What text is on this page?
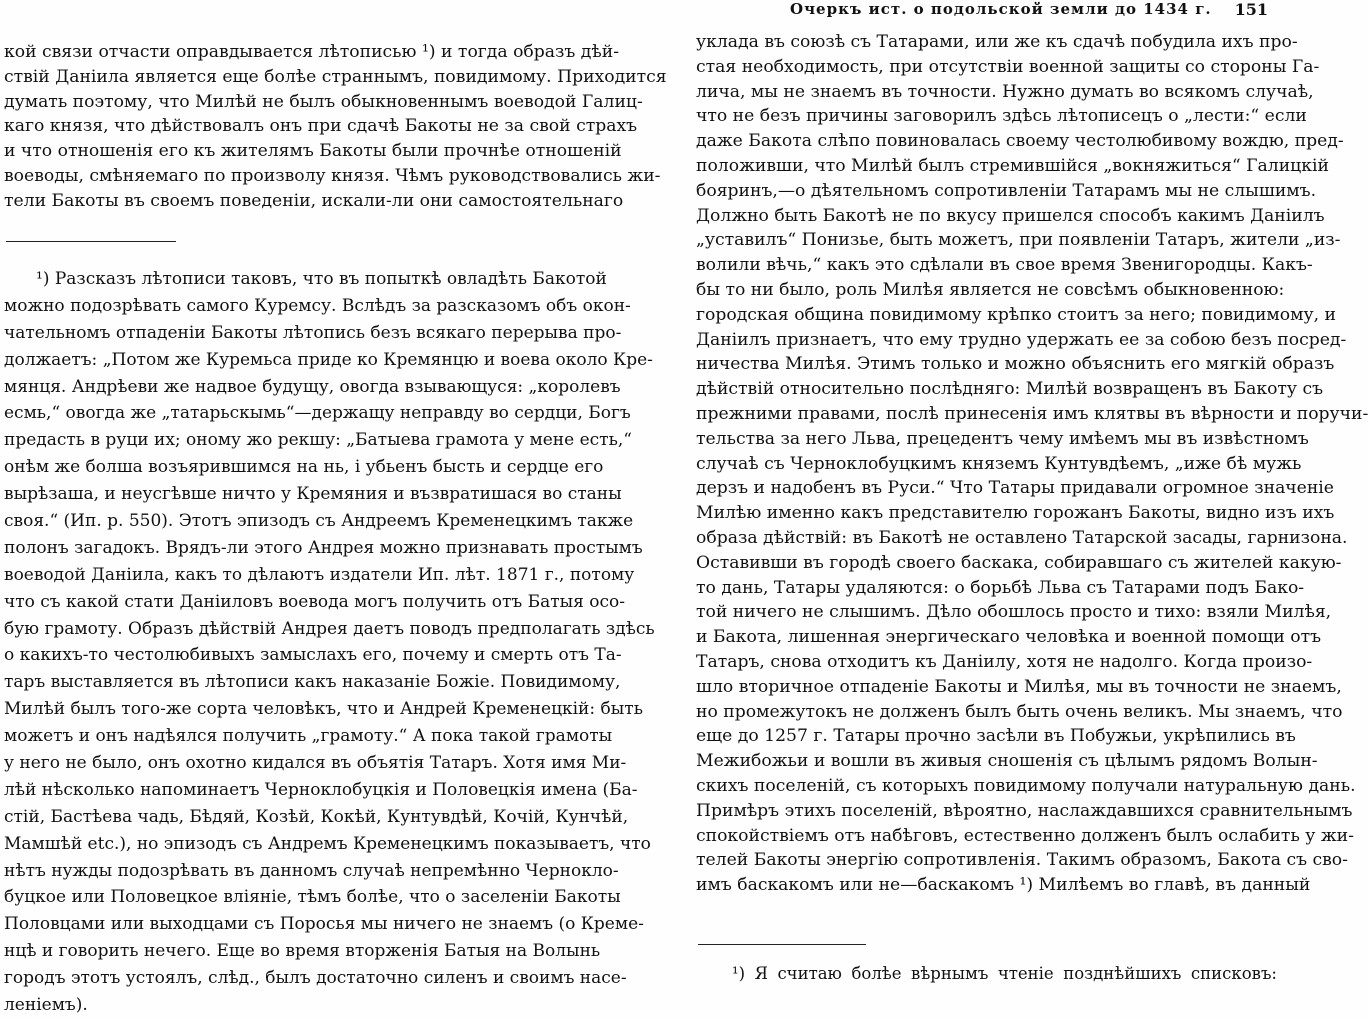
кой связи отчасти оправдывается лѣтописью ¹) и тогда образъ дѣй-
ствій Даніила является еще болѣе страннымъ, повидимому. Приходится
думать поэтому, что Милѣй не былъ обыкновеннымъ воеводой Галиц-
каго князя, что дѣйствовалъ онъ при сдачѣ Бакоты не за свой страхъ
и что отношенія его къ жителямъ Бакоты были прочнѣе отношеній
воеводы, смѣняемаго по произволу князя. Чѣмъ руководствовались жи-
тели Бакоты въ своемъ поведеніи, искали-ли они самостоятельнаго
¹) Разсказъ лѣтописи таковъ, что въ попыткѣ овладѣть Бакотой
можно подозрѣвать самого Куремсу. Вслѣдъ за разсказомъ объ окон-
чательномъ отпаденіи Бакоты лѣтопись безъ всякаго перерыва про-
должаетъ: „Потом же Куремьса приде ко Кремянцю и воева около Кре-
мянця. Андрѣеви же надвое будущу, овогда взывающуся: „королевъ
есмь,“ овогда же „татарьскымь“—держащу неправду во сердци, Богъ
предасть в руци их; оному жо рекшу: „Батыева грамота у мене есть,“
онѣм же болша возъярившимся на нь, і убьенъ бысть и сердце его
вырѣзаша, и неусгѣвше ничто у Кремяния и възвратишася во станы
своя.“ (Ип. р. 550). Этотъ эпизодъ съ Андреемъ Кременецкимъ также
полонъ загадокъ. Врядъ-ли этого Андрея можно признавать простымъ
воеводой Даніила, какъ то дѣлаютъ издатели Ип. лѣт. 1871 г., потому
что съ какой стати Даніиловъ воевода могъ получить отъ Батыя осо-
бую грамоту. Образъ дѣйствій Андрея даетъ поводъ предполагать здѣсь
о какихъ-то честолюбивыхъ замыслахъ его, почему и смерть отъ Та-
таръ выставляется въ лѣтописи какъ наказаніе Божіе. Повидимому,
Милѣй былъ того-же сорта человѣкъ, что и Андрей Кременецкій: быть
можетъ и онъ надѣялся получить „грамоту.“ А пока такой грамоты
у него не было, онъ охотно кидался въ объятія Татаръ. Хотя имя Ми-
лѣй нѣсколько напоминаетъ Черноклобуцкія и Половецкія имена (Ба-
стій, Бастѣева чадь, Бѣдяй, Козѣй, Кокѣй, Кунтувдѣй, Кочій, Кунчѣй,
Мамшѣй etc.), но эпизодъ съ Андремъ Кременецкимъ показываетъ, что
нѣтъ нужды подозрѣвать въ данномъ случаѣ непремѣнно Черноклo-
буцкое или Половецкое вліяніе, тѣмъ болѣе, что о заселеніи Бакоты
Половцами или выходцами съ Поросья мы ничего не знаемъ (о Креме-
нцѣ и говорить нечего. Еще во время вторженія Батыя на Волынь
городъ этотъ устоялъ, слѣд., былъ достаточно силенъ и своимъ насе-
леніемъ).
Очеркъ ист. о подольской земли до 1434 г. 151
уклада въ союзѣ съ Татарами, или же къ сдачѣ побудила ихъ про-
стая необходимость, при отсутствіи военной защиты со стороны Га-
лича, мы не знаемъ въ точности. Нужно думать во всякомъ случаѣ,
что не безъ причины заговорилъ здѣсь лѣтописецъ о „лести:“ если
даже Бакота слѣпо повиновалась своему честолюбивому вождю, пред-
положивши, что Милѣй былъ стремившійся „вокняжиться“ Галицкій
бояринъ,—о дѣятельномъ сопротивленіи Татарамъ мы не слышимъ.
Должно быть Бакотѣ не по вкусу пришелся способъ какимъ Даніилъ
„уставилъ“ Понизье, быть можетъ, при появленіи Татаръ, жители „из-
волили вѣчь,“ какъ это сдѣлали въ свое время Звенигородцы. Какъ-
бы то ни было, роль Милѣя является не совсѣмъ обыкновенною:
городская община повидимому крѣпко стоитъ за него; повидимому, и
Даніилъ признаетъ, что ему трудно удержать ее за собою безъ посред-
ничества Милѣя. Этимъ только и можно объяснить его мягкій образъ
дѣйствій относительно послѣдняго: Милѣй возвращенъ въ Бакоту съ
прежними правами, послѣ принесенія имъ клятвы въ вѣрности и поручи-
тельства за него Льва, прецедентъ чему имѣемъ мы въ извѣстномъ
случаѣ съ Черноклобуцкимъ княземъ Кунтувдѣемъ, „иже бѣ мужь
дерзъ и надобенъ въ Руси.“ Что Татары придавали огромное значеніе
Милѣю именно какъ представителю горожанъ Бакоты, видно изъ ихъ
образа дѣйствій: въ Бакотѣ не оставлено Татарской засады, гарнизона.
Оставивши въ городѣ своего баскака, собиравшаго съ жителей какую-
то дань, Татары удаляются: о борьбѣ Льва съ Татарами подъ Бако-
той ничего не слышимъ. Дѣло обошлось просто и тихо: взяли Милѣя,
и Бакота, лишенная энергическаго человѣка и военной помощи отъ
Татаръ, снова отходитъ къ Даніилу, хотя не надолго. Когда произо-
шло вторичное отпаденіе Бакоты и Милѣя, мы въ точности не знаемъ,
но промежутокъ не долженъ былъ быть очень великъ. Мы знаемъ, что
еще до 1257 г. Татары прочно засѣли въ Побужьи, укрѣпились въ
Межибожьи и вошли въ живыя сношенія съ цѣлымъ рядомъ Волын-
скихъ поселеній, съ которыхъ повидимому получали натуральную дань.
Примѣръ этихъ поселеній, вѣроятно, наслаждавшихся сравнительнымъ
спокойствіемъ отъ набѣговъ, естественно долженъ былъ ослабить у жи-
телей Бакоты энергію сопротивленія. Такимъ образомъ, Бакота съ сво-
имъ баскакомъ или не—баскакомъ ¹) Милѣемъ во главѣ, въ данный
¹) Я считаю болѣе вѣрнымъ чтеніе позднѣйшихъ списковъ:
